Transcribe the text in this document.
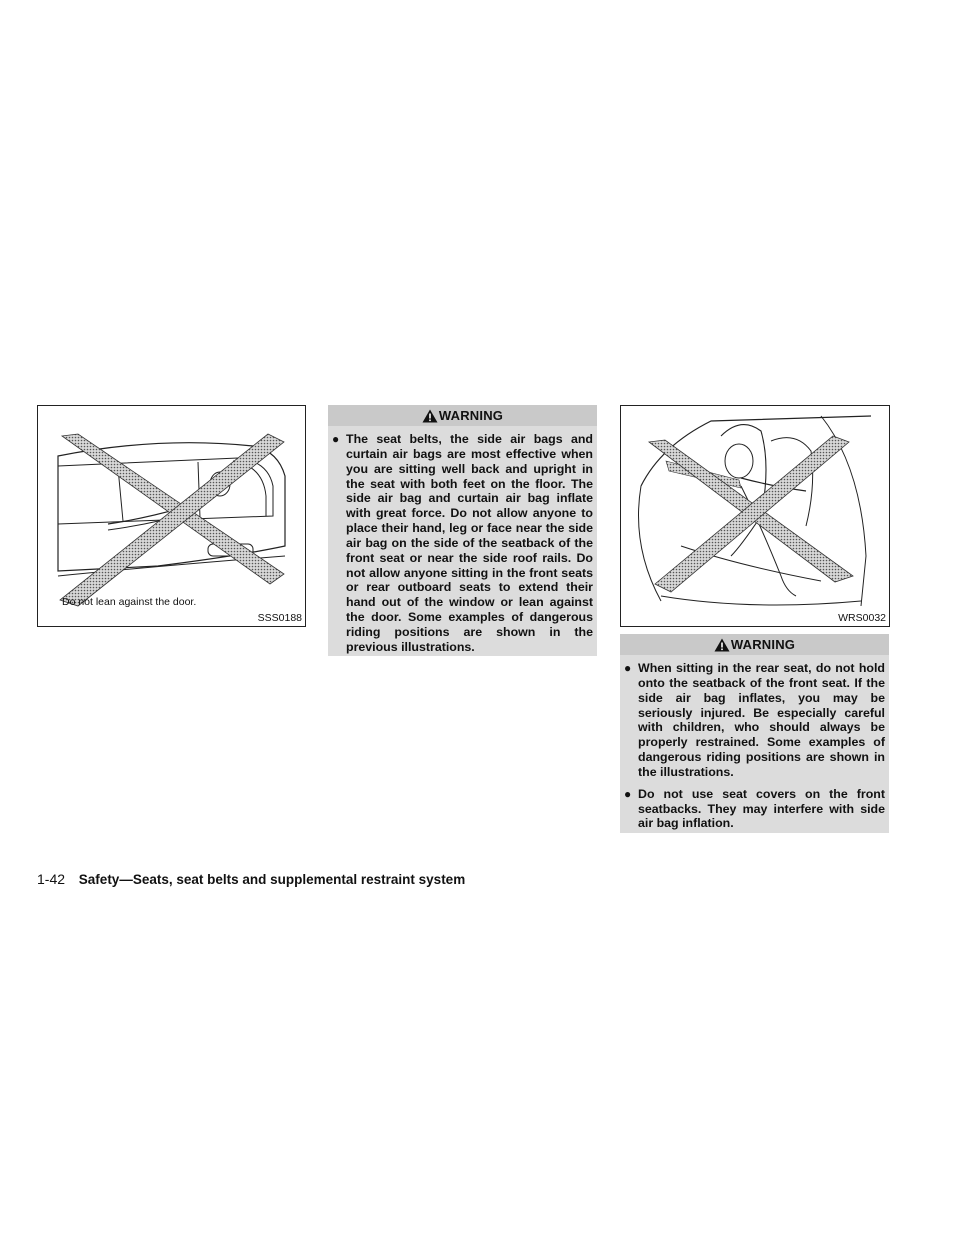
Do not lean against the door.
SSS0188
WARNING
● The seat belts, the side air bags and curtain air bags are most effective when you are sitting well back and upright in the seat with both feet on the floor. The side air bag and curtain air bag inflate with great force. Do not allow anyone to place their hand, leg or face near the side air bag on the side of the seatback of the front seat or near the side roof rails. Do not allow anyone sitting in the front seats or rear outboard seats to extend their hand out of the window or lean against the door. Some examples of dangerous riding positions are shown in the previous illustrations.
WRS0032
WARNING
● When sitting in the rear seat, do not hold onto the seatback of the front seat. If the side air bag inflates, you may be seriously injured. Be especially careful with children, who should always be properly restrained. Some examples of dangerous riding positions are shown in the illustrations.
● Do not use seat covers on the front seatbacks. They may interfere with side air bag inflation.
1-42 Safety—Seats, seat belts and supplemental restraint system
